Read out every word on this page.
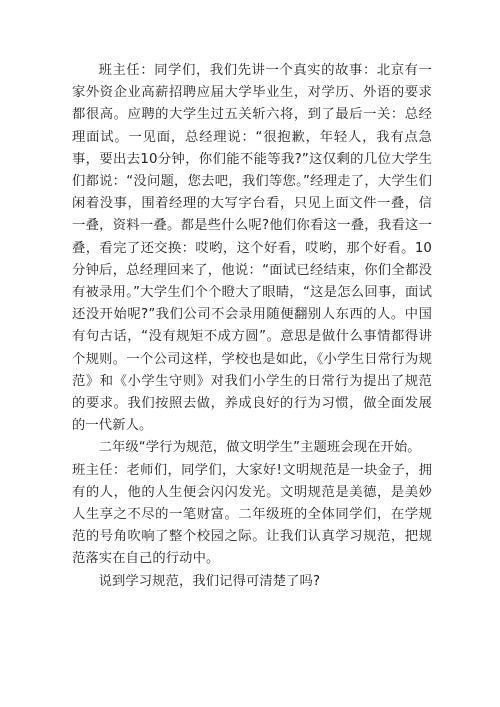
班主任：同学们，我们先讲一个真实的故事：北京有一家外资企业高薪招聘应届大学毕业生，对学历、外语的要求都很高。应聘的大学生过五关斩六将，到了最后一关：总经理面试。一见面，总经理说：“很抱歉，年轻人，我有点急事，要出去10分钟，你们能不能等我?”这仅剩的几位大学生们都说：“没问题，您去吧，我们等您。”经理走了，大学生们闲着没事，围着经理的大写字台看，只见上面文件一叠，信一叠，资料一叠。都是些什么呢?他们你看这一叠，我看这一叠，看完了还交换：哎哟，这个好看，哎哟，那个好看。10分钟后，总经理回来了，他说：“面试已经结束，你们全都没有被录用。”大学生们个个瞪大了眼睛，“这是怎么回事，面试还没开始呢?”我们公司不会录用随便翻别人东西的人。中国有句古话，“没有规矩不成方圆”。意思是做什么事情都得讲个规则。一个公司这样，学校也是如此，《小学生日常行为规范》和《小学生守则》对我们小学生的日常行为提出了规范的要求。我们按照去做，养成良好的行为习惯，做全面发展的一代新人。

二年级“学行为规范，做文明学生”主题班会现在开始。

班主任：老师们，同学们，大家好!文明规范是一块金子，拥有的人，他的人生便会闪闪发光。文明规范是美德，是美妙人生享之不尽的一笔财富。二年级班的全体同学们，在学规范的号角吹响了整个校园之际。让我们认真学习规范，把规范落实在自己的行动中。

说到学习规范，我们记得可清楚了吗?
